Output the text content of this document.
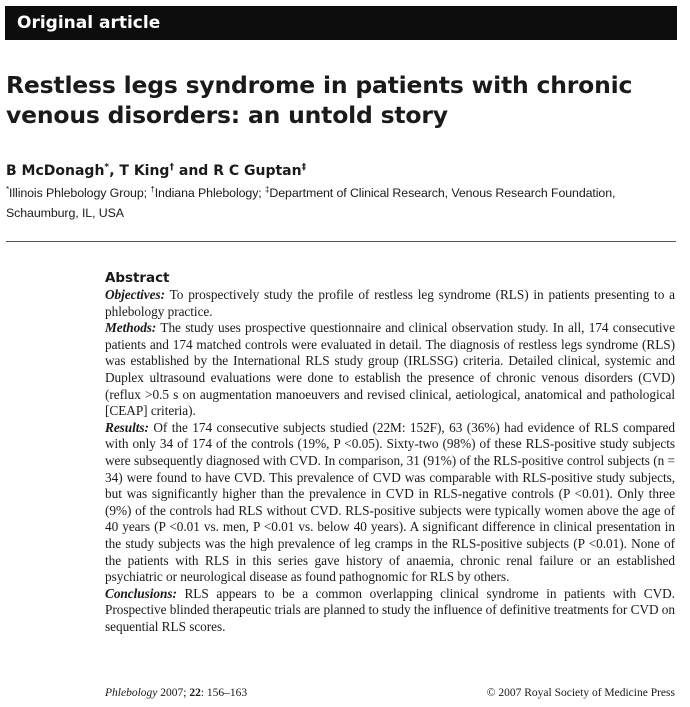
Original article
Restless legs syndrome in patients with chronic
venous disorders: an untold story
B McDonagh*, T King† and R C Guptan‡
*Illinois Phlebology Group; †Indiana Phlebology; ‡Department of Clinical Research, Venous Research Foundation, Schaumburg, IL, USA
Abstract

Objectives: To prospectively study the profile of restless leg syndrome (RLS) in patients presenting to a phlebology practice.

Methods: The study uses prospective questionnaire and clinical observation study. In all, 174 consecutive patients and 174 matched controls were evaluated in detail. The diagnosis of restless legs syndrome (RLS) was established by the International RLS study group (IRLSSG) criteria. Detailed clinical, systemic and Duplex ultrasound evaluations were done to establish the presence of chronic venous disorders (CVD) (reflux >0.5 s on augmentation manoeuvers and revised clinical, aetiological, anatomical and pathological [CEAP] criteria).

Results: Of the 174 consecutive subjects studied (22M: 152F), 63 (36%) had evidence of RLS compared with only 34 of 174 of the controls (19%, P <0.05). Sixty-two (98%) of these RLS-positive study subjects were subsequently diagnosed with CVD. In comparison, 31 (91%) of the RLS-positive control subjects (n = 34) were found to have CVD. This prevalence of CVD was comparable with RLS-positive study subjects, but was significantly higher than the prevalence in CVD in RLS-negative controls (P <0.01). Only three (9%) of the controls had RLS without CVD. RLS-positive subjects were typically women above the age of 40 years (P <0.01 vs. men, P <0.01 vs. below 40 years). A significant difference in clinical presentation in the study subjects was the high prevalence of leg cramps in the RLS-positive subjects (P <0.01). None of the patients with RLS in this series gave history of anaemia, chronic renal failure or an established psychiatric or neurological disease as found pathognomic for RLS by others.

Conclusions: RLS appears to be a common overlapping clinical syndrome in patients with CVD. Prospective blinded therapeutic trials are planned to study the influence of definitive treatments for CVD on sequential RLS scores.

Phlebology 2007; 22: 156–163	© 2007 Royal Society of Medicine Press
